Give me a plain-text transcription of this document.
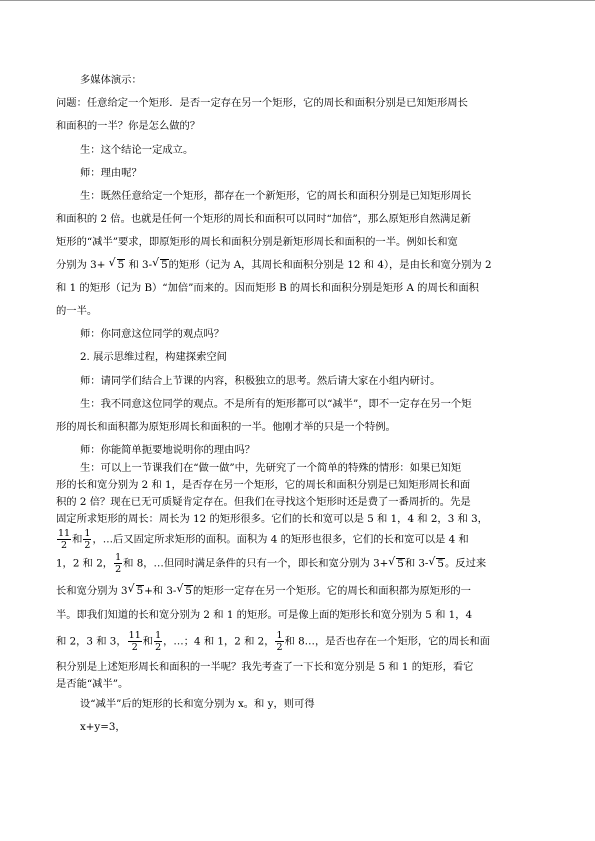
多媒体演示：
问题：任意给定一个矩形．是否一定存在另一个矩形，它的周长和面积分别是已知矩形周长
和面积的一半？你是怎么做的？
生：这个结论一定成立。
师：理由呢？
生：既然任意给定一个矩形，都存在一个新矩形，它的周长和面积分别是已知矩形周长
和面积的 2 倍。也就是任何一个矩形的周长和面积可以同时“加倍”，那么原矩形自然满足新
矩形的“减半”要求，即原矩形的周长和面积分别是新矩形周长和面积的一半。例如长和宽
分别为 3+ √ 5 和 3- √ 5的矩形（记为 A，其周长和面积分别是 12 和 4），是由长和宽分别为 2
和 1 的矩形（记为 B）“加倍”而来的。因而矩形 B 的周长和面积分别是矩形 A 的周长和面积
的一半。
师：你同意这位同学的观点吗？
2. 展示思维过程，构建探索空间
师：请同学们结合上节课的内容，积极独立的思考。然后请大家在小组内研讨。
生：我不同意这位同学的观点。不是所有的矩形都可以“减半”，即不一定存在另一个矩
形的周长和面积都为原矩形周长和面积的一半。他刚才举的只是一个特例。
师：你能简单扼要地说明你的理由吗？
生：可以上一节课我们在“做一做”中，先研究了一个简单的特殊的情形：如果已知矩
形的长和宽分别为 2 和 1，是否存在另一个矩形，它的周长和面积分别是已知矩形周长和面
积的 2 倍？现在已无可质疑肯定存在。但我们在寻找这个矩形时还是费了一番周折的。先是
固定所求矩形的周长：周长为 12 的矩形很多。它们的长和宽可以是 5 和 1，4 和 2，3 和 3，
$\frac{11}{2}$ 和 $\frac{1}{2}$ ，…后又固定所求矩形的面积。面积为 4 的矩形也很多，它们的长和宽可以是 4 和
1，2 和 2， $\frac{1}{2}$ 和 8，…但同时满足条件的只有一个，即长和宽分别为 3+ √ 5和 3- √ 5。反过来
长和宽分别为 3 √ 5+和 3- √ 5的矩形一定存在另一个矩形。它的周长和面积都为原矩形的一
半。即我们知道的长和宽分别为 2 和 1 的矩形。可是像上面的矩形长和宽分别为 5 和 1，4
和 2，3 和 3， $\frac{11}{2}$ 和 $\frac{1}{2}$ ，…；4 和 1，2 和 2， $\frac{1}{2}$ 和 8…，是否也存在一个矩形，它的周长和面
积分别是上述矩形周长和面积的一半呢？我先考查了一下长和宽分别是 5 和 1 的矩形，看它
是否能“减半”。
设“减半”后的矩形的长和宽分别为 x。和 y，则可得
x+y=3，
